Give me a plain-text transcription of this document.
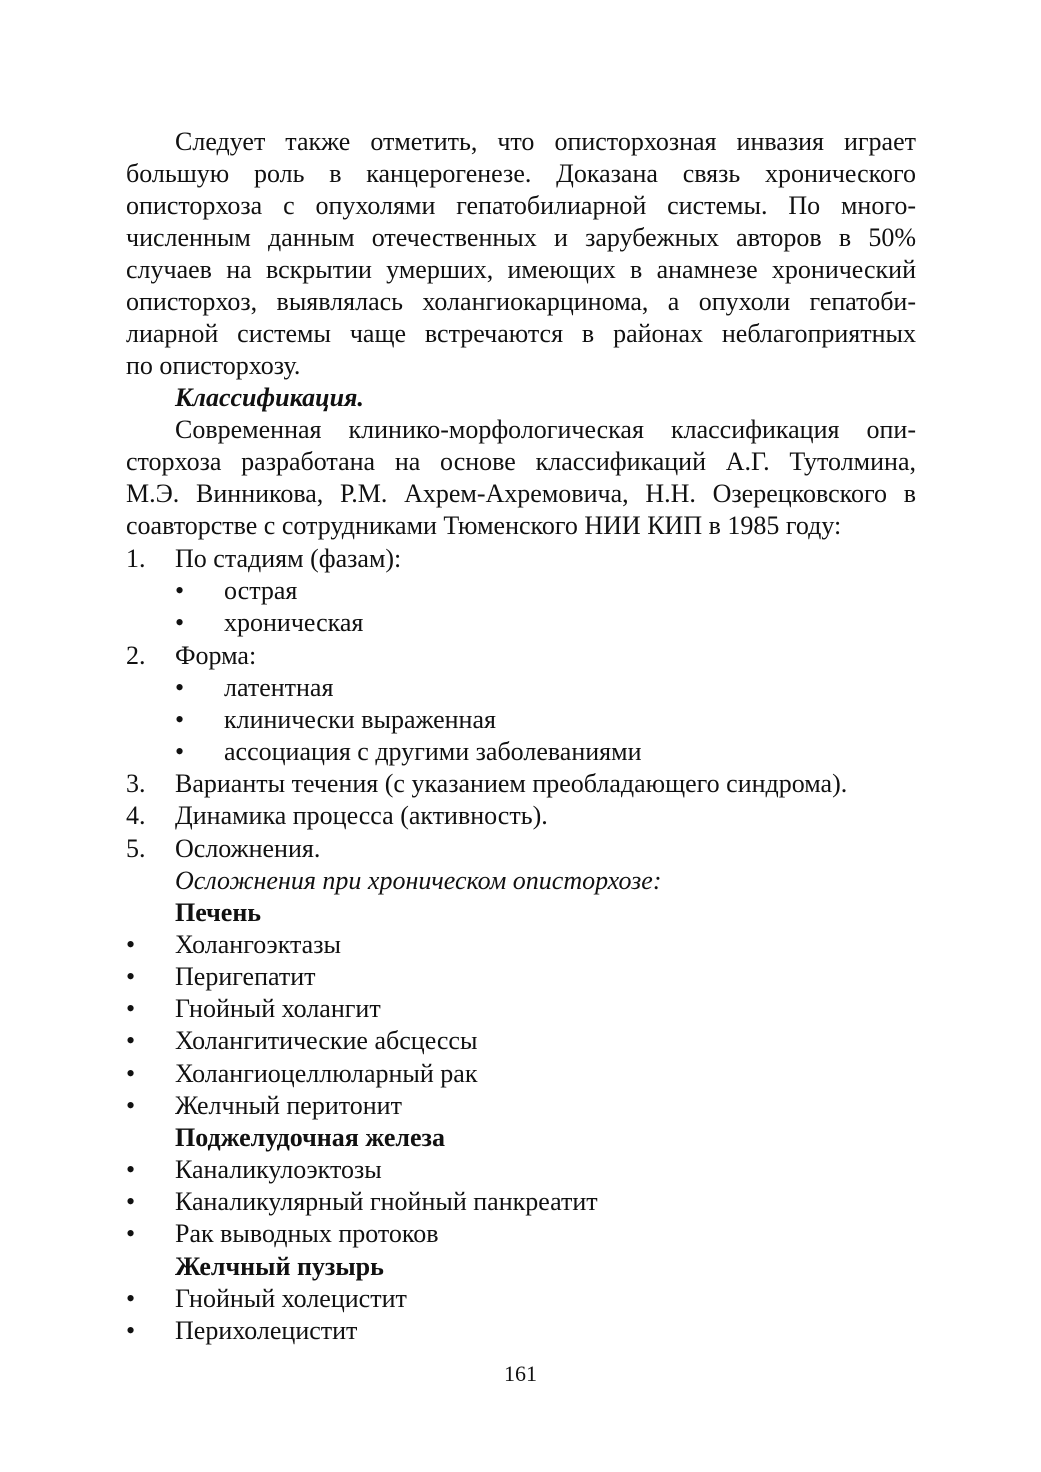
Следует также отметить, что описторхозная инвазия играет
большую роль в канцерогенезе. Доказана связь хронического
описторхоза с опухолями гепатобилиарной системы. По много-
численным данным отечественных и зарубежных авторов в 50%
случаев на вскрытии умерших, имеющих в анамнезе хронический
описторхоз, выявлялась холангиокарцинома, а опухоли гепатоби-
лиарной системы чаще встречаются в районах неблагоприятных
по описторхозу.
Классификация.
Современная клинико-морфологическая классификация опи-
сторхоза разработана на основе классификаций А.Г. Тутолмина,
М.Э. Винникова, Р.М. Ахрем-Ахремовича, Н.Н. Озерецковского в
соавторстве с сотрудниками Тюменского НИИ КИП в 1985 году:
1. По стадиям (фазам):
• острая
• хроническая
2. Форма:
• латентная
• клинически выраженная
• ассоциация с другими заболеваниями
3. Варианты течения (с указанием преобладающего синдрома).
4. Динамика процесса (активность).
5. Осложнения.
Осложнения при хроническом описторхозе:
Печень
• Холангоэктазы
• Перигепатит
• Гнойный холангит
• Холангитические абсцессы
• Холангиоцеллюларный рак
• Желчный перитонит
Поджелудочная железа
• Каналикулоэктозы
• Каналикулярный гнойный панкреатит
• Рак выводных протоков
Желчный пузырь
• Гнойный холецистит
• Перихолецистит
161
